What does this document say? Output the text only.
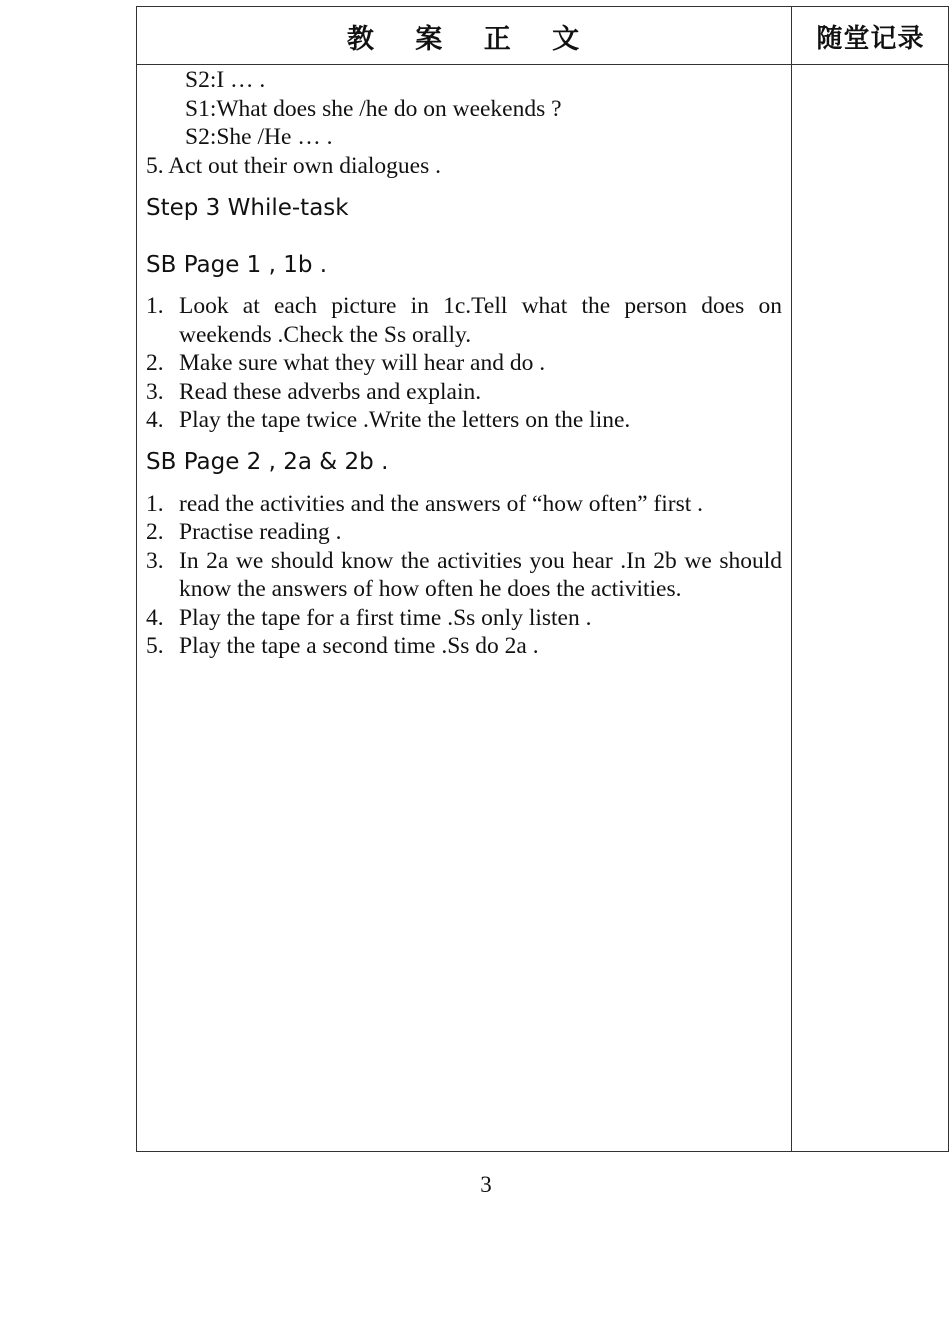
教 案 正 文	随堂记录
S2:I … .
S1:What does she /he do on weekends ?
S2:She /He … .
5. Act out their own dialogues .
Step 3 While-task
SB Page 1 , 1b .
1. Look at each picture in 1c.Tell what the person does on weekends .Check the Ss orally.
2. Make sure what they will hear and do .
3. Read these adverbs and explain.
4. Play the tape twice .Write the letters on the line.
SB Page 2 , 2a & 2b .
1. read the activities and the answers of “how often” first .
2. Practise reading .
3. In 2a we should know the activities you hear .In 2b we should know the answers of how often he does the activities.
4. Play the tape for a first time .Ss only listen .
5. Play the tape a second time .Ss do 2a .
3
